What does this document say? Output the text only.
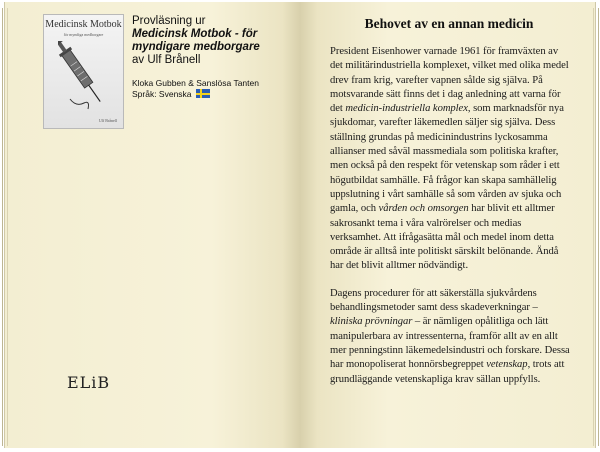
Medicinsk Motbok
för myndiga medborgare
Ulf Brånell
Provläsning ur
Medicinsk Motbok - för myndigare medborgare
av Ulf Brånell
Kloka Gubben & Sanslösa Tanten
Språk: Svenska
ELiB
Behovet av en annan medicin

President Eisenhower varnade 1961 för framväxten av det militärindustriella komplexet, vilket med olika medel drev fram krig, varefter vapnen sålde sig själva. På motsvarande sätt finns det i dag anledning att varna för det medicin-industriella komplex, som marknadsför nya sjukdomar, varefter läkemedlen säljer sig själva. Dess ställning grundas på medicinindustrins lyckosamma allianser med såväl massmediala som politiska krafter, men också på den respekt för vetenskap som råder i ett högutbildat samhälle. Få frågor kan skapa samhällelig uppslutning i vårt samhälle så som vården av sjuka och gamla, och vården och omsorgen har blivit ett alltmer sakrosankt tema i våra valrörelser och medias verksamhet. Att ifrågasätta mål och medel inom detta område är alltså inte politiskt särskilt belönande. Ändå har det blivit alltmer nödvändigt.

Dagens procedurer för att säkerställa sjukvårdens behandlingsmetoder samt dess skadeverkningar – kliniska prövningar – är nämligen opålitliga och lätt manipulerbara av intressenterna, framför allt av en allt mer penningstinn läkemedelsindustri och forskare. Dessa har monopoliserat honnörsbegreppet vetenskap, trots att grundläggande vetenskapliga krav sällan uppfylls.
